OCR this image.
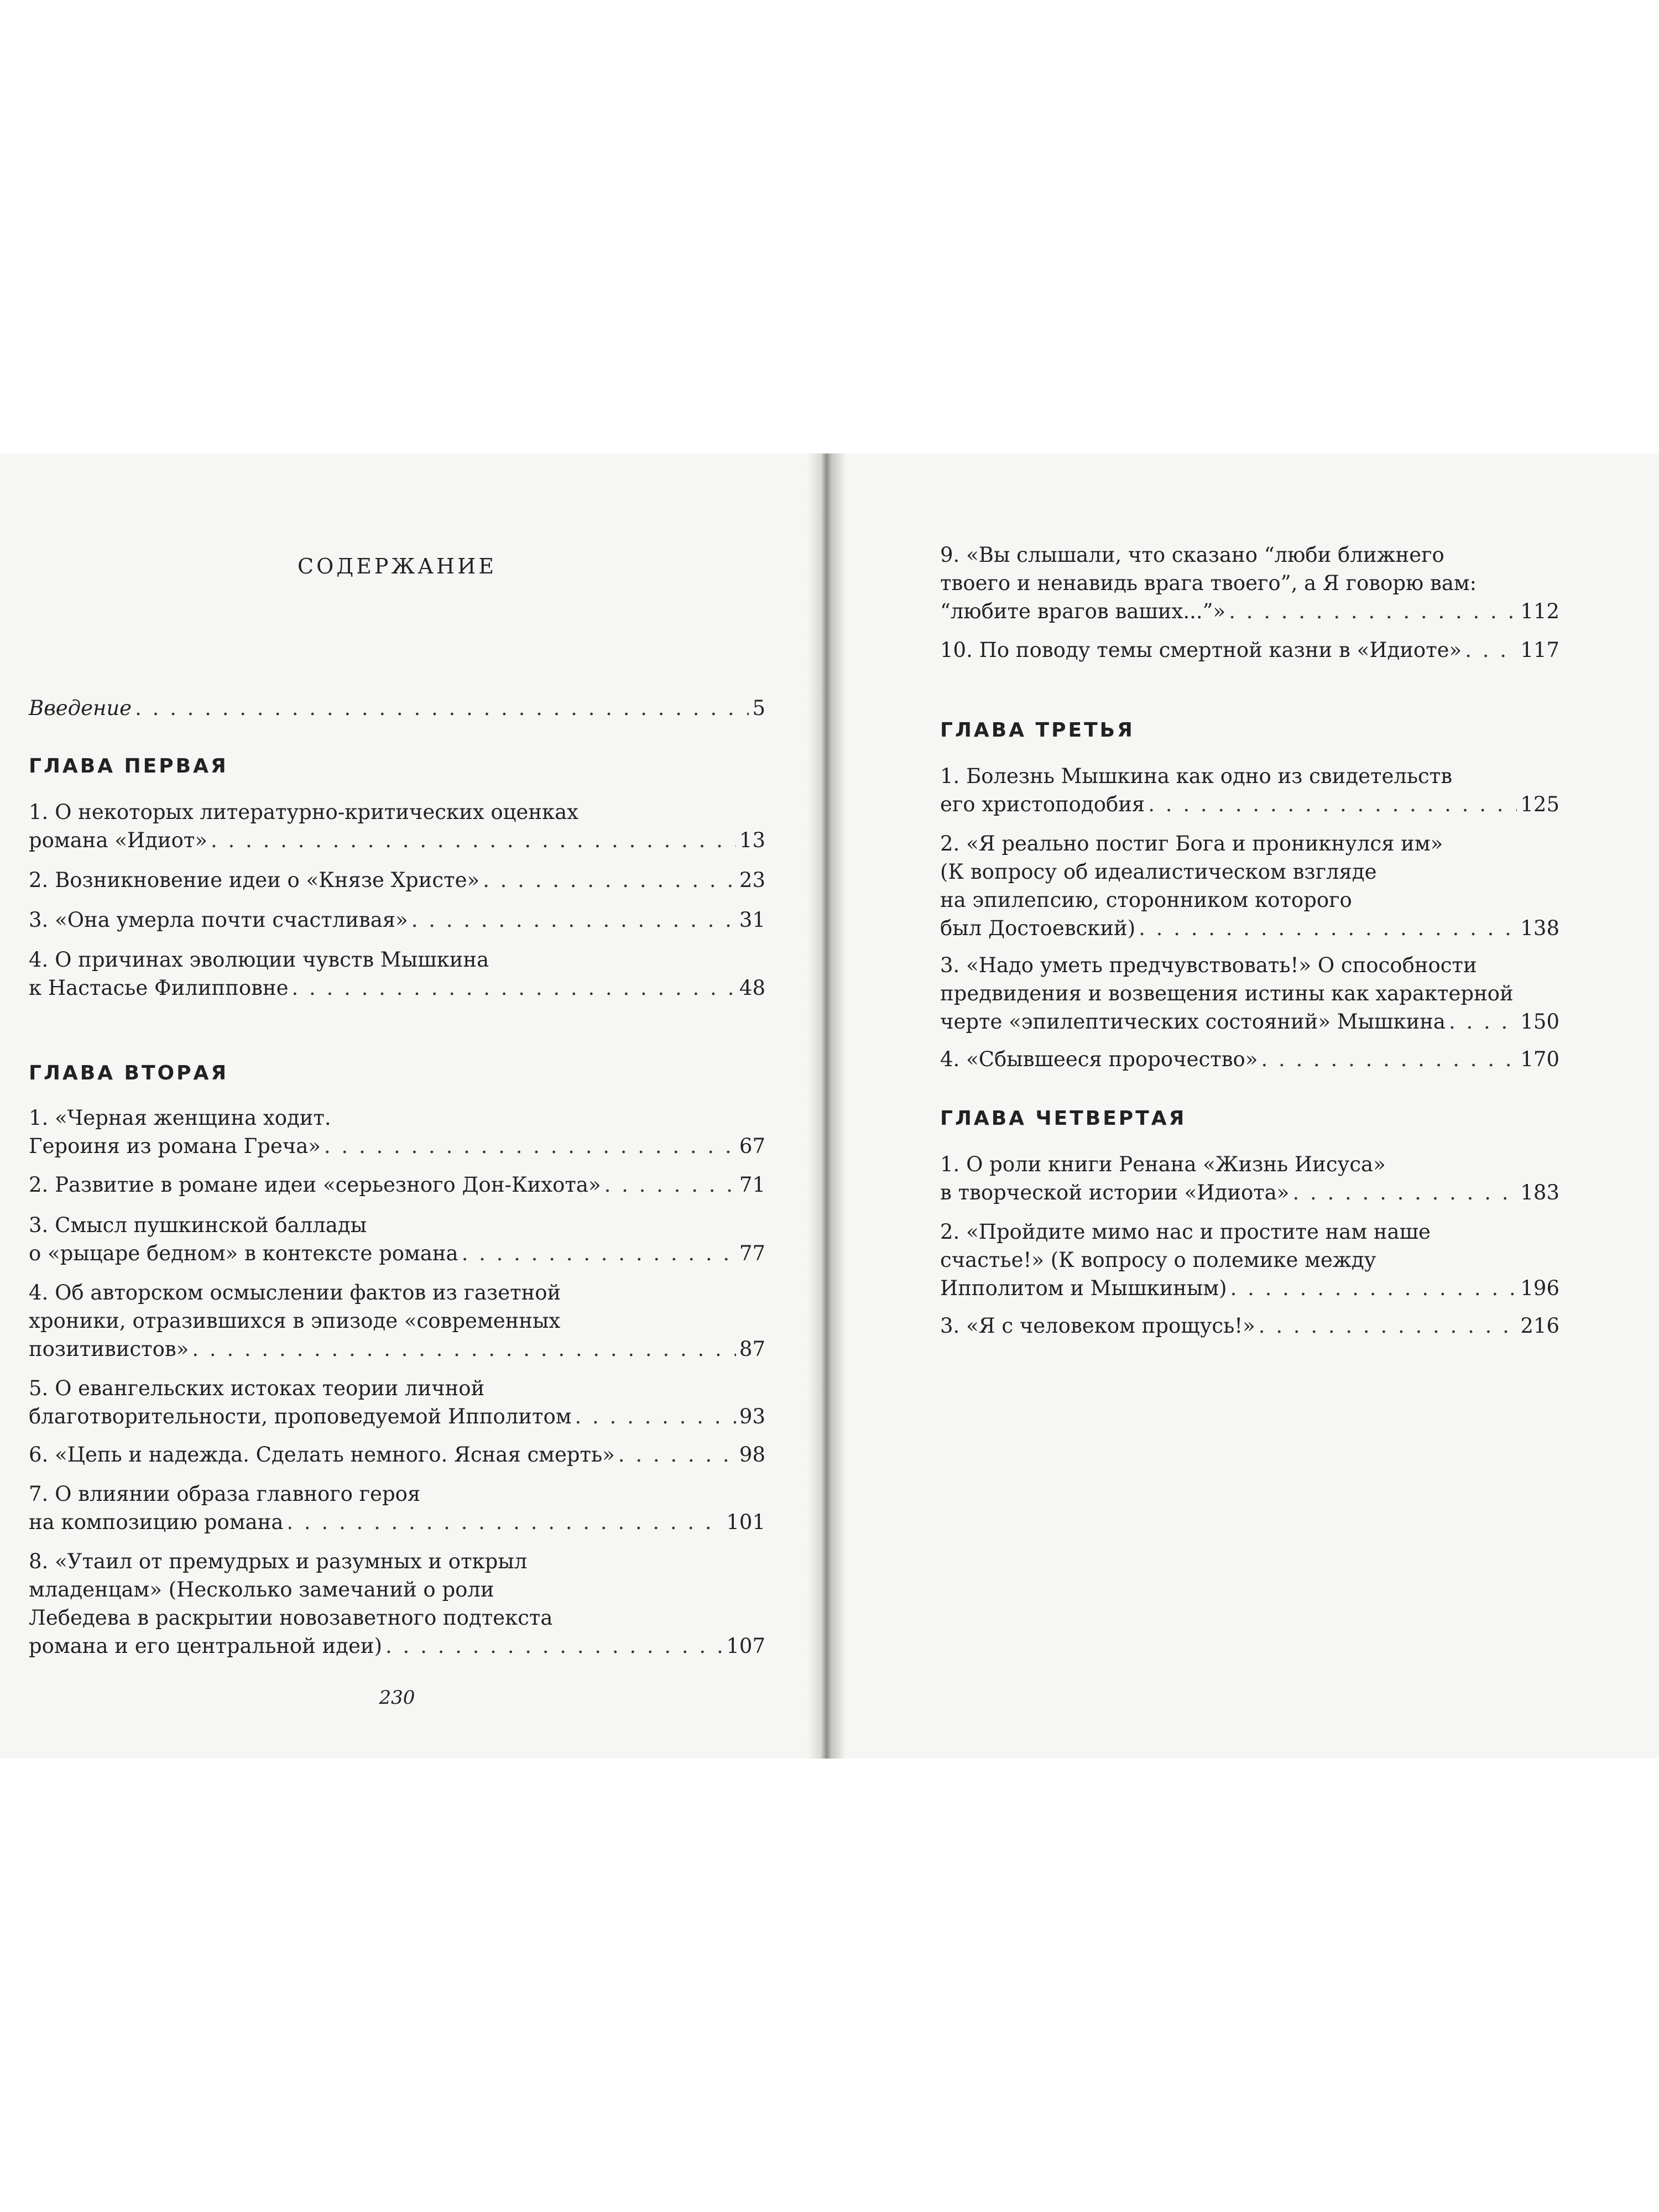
СОДЕРЖАНИЕ
Введение . . .	5
ГЛАВА ПЕРВАЯ
1. О некоторых литературно-критических оценках
романа «Идиот» . . .	13
2. Возникновение идеи о «Князе Христе» . . .	23
3. «Она умерла почти счастливая» . . .	31
4. О причинах эволюции чувств Мышкина
к Настасье Филипповне . . .	48
ГЛАВА ВТОРАЯ
1. «Черная женщина ходит.
Героиня из романа Греча» . . .	67
2. Развитие в романе идеи «серьезного Дон-Кихота» . . .	71
3. Смысл пушкинской баллады
о «рыцаре бедном» в контексте романа . . .	77
4. Об авторском осмыслении фактов из газетной
хроники, отразившихся в эпизоде «современных
позитивистов» . . .	87
5. О евангельских истоках теории личной
благотворительности, проповедуемой Ипполитом . . .	93
6. «Цепь и надежда. Сделать немного. Ясная смерть» . . .	98
7. О влиянии образа главного героя
на композицию романа . . .	101
8. «Утаил от премудрых и разумных и открыл
младенцам» (Несколько замечаний о роли
Лебедева в раскрытии новозаветного подтекста
романа и его центральной идеи) . . .	107
230
9. «Вы слышали, что сказано “люби ближнего
твоего и ненавидь врага твоего”, а Я говорю вам:
“любите врагов ваших...”» . . .	112
10. По поводу темы смертной казни в «Идиоте» . . .	117
ГЛАВА ТРЕТЬЯ
1. Болезнь Мышкина как одно из свидетельств
его христоподобия . . .	125
2. «Я реально постиг Бога и проникнулся им»
(К вопросу об идеалистическом взгляде
на эпилепсию, сторонником которого
был Достоевский) . . .	138
3. «Надо уметь предчувствовать!» О способности
предвидения и возвещения истины как характерной
черте «эпилептических состояний» Мышкина . . .	150
4. «Сбывшееся пророчество» . . .	170
ГЛАВА ЧЕТВЕРТАЯ
1. О роли книги Ренана «Жизнь Иисуса»
в творческой истории «Идиота» . . .	183
2. «Пройдите мимо нас и простите нам наше
счастье!» (К вопросу о полемике между
Ипполитом и Мышкиным) . . .	196
3. «Я с человеком прощусь!» . . .	216
